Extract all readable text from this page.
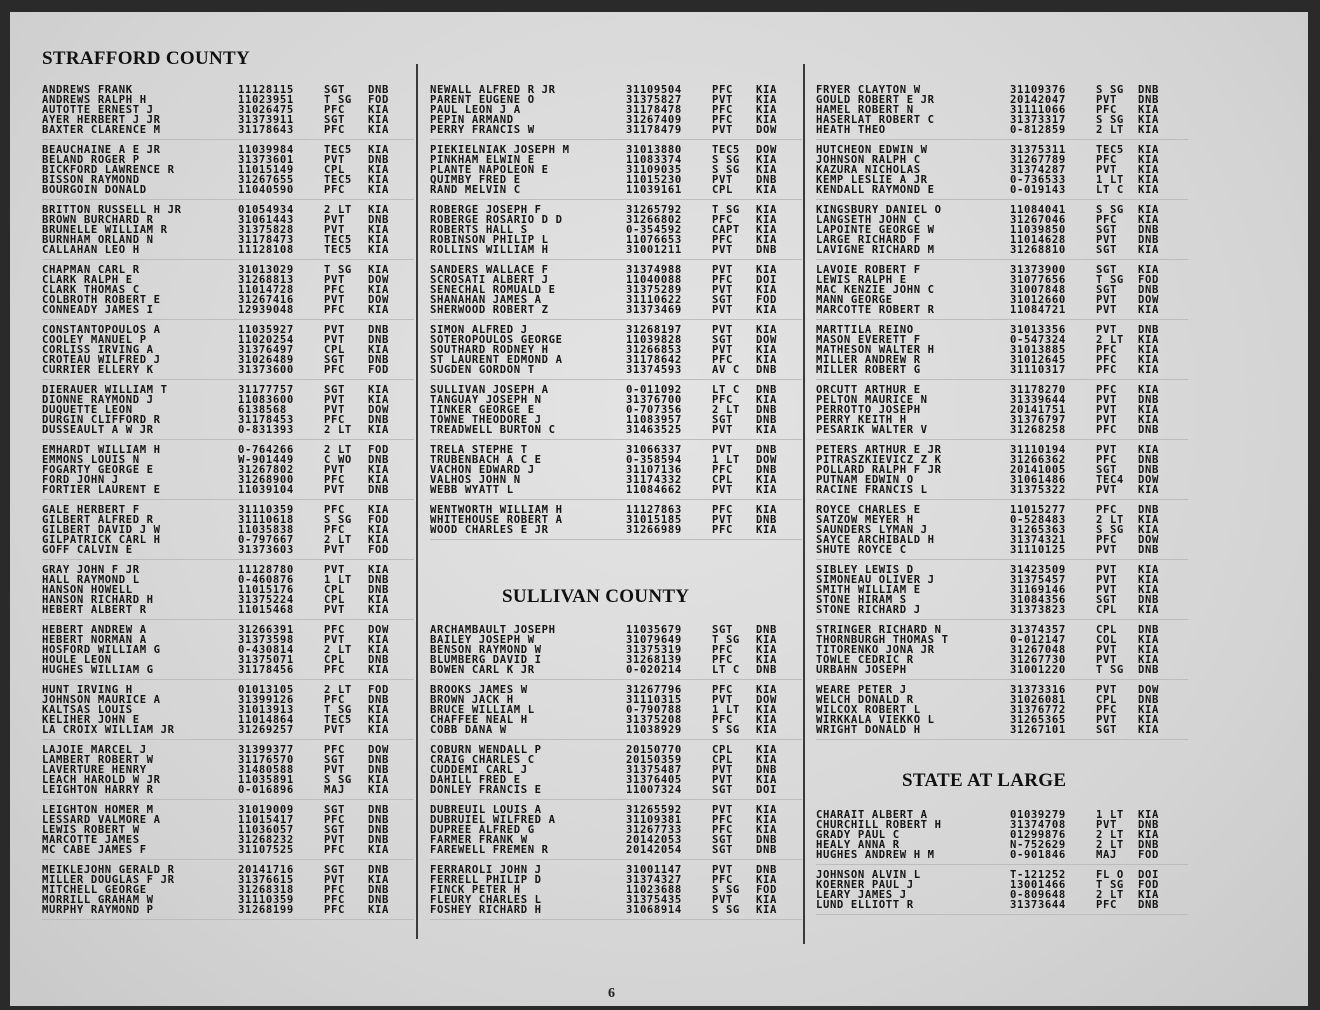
STRAFFORD COUNTY
SULLIVAN COUNTY
STATE AT LARGE
ANDREWS FRANK	11128115	SGT DNB
ANDREWS RALPH H	11023951	T SG FOD
AUTOTTE ERNEST J	31026475	PFC KIA
AYER HERBERT J JR	31373911	SGT KIA
BAXTER CLARENCE M	31178643	PFC KIA
BEAUCHAINE A E JR	11039984	TEC5 KIA
BELAND ROGER P	31373601	PVT DNB
BICKFORD LAWRENCE R	11015149	CPL KIA
BISSON RAYMOND	31267655	TEC5 KIA
BOURGOIN DONALD	11040590	PFC KIA
BRITTON RUSSELL H JR	01054934	2 LT KIA
BROWN BURCHARD R	31061443	PVT DNB
BRUNELLE WILLIAM R	31375828	PVT KIA
BURNHAM ORLAND N	31178473	TEC5 KIA
CALLAHAN LEO H	11128108	TEC5 KIA
CHAPMAN CARL R	31013029	T SG KIA
CLARK RALPH E	31268813	PVT DOW
CLARK THOMAS C	11014728	PFC KIA
COLBROTH ROBERT E	31267416	PVT DOW
CONNEADY JAMES I	12939048	PFC KIA
CONSTANTOPOULOS A	11035927	PVT DNB
COOLEY MANUEL P	11020254	PVT DNB
CORLISS IRVING A	31376497	CPL KIA
CROTEAU WILFRED J	31026489	SGT DNB
CURRIER ELLERY K	31373600	PFC FOD
DIERAUER WILLIAM T	31177757	SGT KIA
DIONNE RAYMOND J	11083600	PVT KIA
DUQUETTE LEON	6138568	PVT DOW
DURGIN CLIFFORD R	31178453	PFC DNB
DUSSEAULT A W JR	0-831393	2 LT KIA
EMHARDT WILLIAM H	0-764266	2 LT FOD
EMMONS LOUIS N	W-901449	C WO DNB
FOGARTY GEORGE E	31267802	PVT KIA
FORD JOHN J	31268900	PFC KIA
FORTIER LAURENT E	11039104	PVT DNB
GALE HERBERT F	31110359	PFC KIA
GILBERT ALFRED R	31110618	S SG FOD
GILBERT DAVID J W	11035838	PFC KIA
GILPATRICK CARL H	0-797667	2 LT KIA
GOFF CALVIN E	31373603	PVT FOD
GRAY JOHN F JR	11128780	PVT KIA
HALL RAYMOND L	0-460876	1 LT DNB
HANSON HOWELL	11015176	CPL DNB
HANSON RICHARD H	31375224	CPL KIA
HEBERT ALBERT R	11015468	PVT KIA
HEBERT ANDREW A	31266391	PFC DOW
HEBERT NORMAN A	31373598	PVT KIA
HOSFORD WILLIAM G	0-430814	2 LT KIA
HOULE LEON	31375071	CPL DNB
HUGHES WILLIAM G	31178456	PFC KIA
HUNT IRVING H	01013105	2 LT FOD
JOHNSON MAURICE A	31399126	PFC DNB
KALTSAS LOUIS	31013913	T SG KIA
KELIHER JOHN E	11014864	TEC5 KIA
LA CROIX WILLIAM JR	31269257	PVT KIA
LAJOIE MARCEL J	31399377	PFC DOW
LAMBERT ROBERT W	31176570	SGT DNB
LAVERTURE HENRY	31480588	PVT DNB
LEACH HAROLD W JR	11035891	S SG KIA
LEIGHTON HARRY R	0-016896	MAJ KIA
LEIGHTON HOMER M	31019009	SGT DNB
LESSARD VALMORE A	11015417	PFC DNB
LEWIS ROBERT W	11036057	SGT DNB
MARCOTTE JAMES	31268232	PVT DNB
MC CABE JAMES F	31107525	PFC KIA
MEIKLEJOHN GERALD R	20141716	SGT DNB
MILLER DOUGLAS F JR	31376615	PVT KIA
MITCHELL GEORGE	31268318	PFC DNB
MORRILL GRAHAM W	31110359	PFC DNB
MURPHY RAYMOND P	31268199	PFC KIA
NEWALL ALFRED R JR	31109504	PFC KIA
PARENT EUGENE O	31375827	PVT KIA
PAUL LEON J A	31178478	PFC KIA
PEPIN ARMAND	31267409	PFC KIA
PERRY FRANCIS W	31178479	PVT DOW
PIEKIELNIAK JOSEPH M	31013880	TEC5 DOW
PINKHAM ELWIN E	11083374	S SG KIA
PLANTE NAPOLEON E	31109035	S SG KIA
QUIMBY FRED E	11015230	PVT DNB
RAND MELVIN C	11039161	CPL KIA
ROBERGE JOSEPH F	31265792	T SG KIA
ROBERGE ROSARIO D D	31266802	PFC KIA
ROBERTS HALL S	0-354592	CAPT KIA
ROBINSON PHILIP L	11076653	PFC KIA
ROLLINS WILLIAM H	31001211	PVT DNB
SANDERS WALLACE F	31374988	PVT KIA
SCROSATI ALBERT J	11040088	PFC DOI
SENECHAL ROMUALD E	31375289	PVT KIA
SHANAHAN JAMES A	31110622	SGT FOD
SHERWOOD ROBERT Z	31373469	PVT KIA
SIMON ALFRED J	31268197	PVT KIA
SOTEROPOULOS GEORGE	11039828	SGT DOW
SOUTHARD RODNEY H	31266853	PVT KIA
ST LAURENT EDMOND A	31178642	PFC KIA
SUGDEN GORDON T	31374593	AV C DNB
SULLIVAN JOSEPH A	0-011092	LT C DNB
TANGUAY JOSEPH N	31376700	PFC KIA
TINKER GEORGE E	0-707356	2 LT DNB
TOWNE THEODORE J	11083957	SGT DNB
TREADWELL BURTON C	31463525	PVT KIA
TRELA STEPHE T	31066337	PVT DNB
TRUBENBACH A C E	0-358594	1 LT DOW
VACHON EDWARD J	31107136	PFC DNB
VALHOS JOHN N	31174332	CPL KIA
WEBB WYATT L	11084662	PVT KIA
WENTWORTH WILLIAM H	11127863	PFC KIA
WHITEHOUSE ROBERT A	31015185	PVT DNB
WOOD CHARLES E JR	31266989	PFC KIA
ARCHAMBAULT JOSEPH	11035679	SGT DNB
BAILEY JOSEPH W	31079649	T SG KIA
BENSON RAYMOND W	31375319	PFC KIA
BLUMBERG DAVID I	31268139	PFC KIA
BOWEN CARL K JR	0-020214	LT C DNB
BROOKS JAMES W	31267796	PFC KIA
BROWN JACK H	31110315	PVT DOW
BRUCE WILLIAM L	0-790788	1 LT KIA
CHAFFEE NEAL H	31375208	PFC KIA
COBB DANA W	11038929	S SG KIA
COBURN WENDALL P	20150770	CPL KIA
CRAIG CHARLES C	20150359	CPL KIA
CUDDEMI CARL J	31375487	PVT DNB
DAHILL FRED E	31376405	PVT KIA
DONLEY FRANCIS E	11007324	SGT DOI
DUBREUIL LOUIS A	31265592	PVT KIA
DUBRUIEL WILFRED A	31109381	PFC KIA
DUPREE ALFRED G	31267733	PFC KIA
FARMER FRANK W	20142053	SGT DNB
FAREWELL FREMEN R	20142054	SGT DNB
FERRAROLI JOHN J	31001147	PVT DNB
FERRELL PHILIP D	31374327	PFC KIA
FINCK PETER H	11023688	S SG FOD
FLEURY CHARLES L	31375435	PVT KIA
FOSHEY RICHARD H	31068914	S SG KIA
FRYER CLAYTON W	31109376	S SG DNB
GOULD ROBERT E JR	20142047	PVT DNB
HAMEL ROBERT N	31111066	PFC KIA
HASERLAT ROBERT C	31373317	S SG KIA
HEATH THEO	0-812859	2 LT KIA
HUTCHEON EDWIN W	31375311	TEC5 KIA
JOHNSON RALPH C	31267789	PFC KIA
KAZURA NICHOLAS	31374287	PVT KIA
KEMP LESLIE A JR	0-736533	1 LT KIA
KENDALL RAYMOND E	0-019143	LT C KIA
KINGSBURY DANIEL O	11084041	S SG KIA
LANGSETH JOHN C	31267046	PFC KIA
LAPOINTE GEORGE W	11039850	SGT DNB
LARGE RICHARD F	11014628	PVT DNB
LAVIGNE RICHARD M	31268810	SGT KIA
LAVOIE ROBERT F	31373900	SGT KIA
LEWIS RALPH E	31077656	T SG FOD
MAC KENZIE JOHN C	31007848	SGT DNB
MANN GEORGE	31012660	PVT DOW
MARCOTTE ROBERT R	11084721	PVT KIA
MARTTILA REINO	31013356	PVT DNB
MASON EVERETT F	0-547324	2 LT KIA
MATHESON WALTER H	31013885	PFC KIA
MILLER ANDREW R	31012645	PFC KIA
MILLER ROBERT G	31110317	PFC KIA
ORCUTT ARTHUR E	31178270	PFC KIA
PELTON MAURICE N	31339644	PVT DNB
PERROTTO JOSEPH	20141751	PVT KIA
PERRY KEITH H	31376797	PVT KIA
PESARIK WALTER V	31268258	PFC DNB
PETERS ARTHUR E JR	31110194	PVT KIA
PITRASZKIEVICZ Z K	31266362	PFC DNB
POLLARD RALPH F JR	20141005	SGT DNB
PUTNAM EDWIN O	31061486	TEC4 DOW
RACINE FRANCIS L	31375322	PVT KIA
ROYCE CHARLES E	11015277	PFC DNB
SATZOW MEYER H	0-528483	2 LT KIA
SAUNDERS LYMAN J	31265363	S SG KIA
SAYCE ARCHIBALD H	31374321	PFC DOW
SHUTE ROYCE C	31110125	PVT DNB
SIBLEY LEWIS D	31423509	PVT KIA
SIMONEAU OLIVER J	31375457	PVT KIA
SMITH WILLIAM E	31169146	PVT KIA
STONE HIRAM S	31084356	SGT DNB
STONE RICHARD J	31373823	CPL KIA
STRINGER RICHARD N	31374357	CPL DNB
THORNBURGH THOMAS T	0-012147	COL KIA
TITORENKO JONA JR	31267048	PVT KIA
TOWLE CEDRIC R	31267730	PVT KIA
URBAHN JOSEPH	31001220	T SG DNB
WEARE PETER J	31373316	PVT DOW
WELCH DONALD R	31026081	CPL DNB
WILCOX ROBERT L	31376772	PFC KIA
WIRKKALA VIEKKO L	31265365	PVT KIA
WRIGHT DONALD H	31267101	SGT KIA
CHARAIT ALBERT A	01039279	1 LT KIA
CHURCHILL ROBERT H	31374708	PVT DNB
GRADY PAUL C	01299876	2 LT KIA
HEALY ANNA R	N-752629	2 LT DNB
HUGHES ANDREW H M	0-901846	MAJ FOD
JOHNSON ALVIN L	T-121252	FL O DOI
KOERNER PAUL J	13001466	T SG FOD
LEARY JAMES J	0-809648	2 LT KIA
LUND ELLIOTT R	31373644	PFC DNB
6
